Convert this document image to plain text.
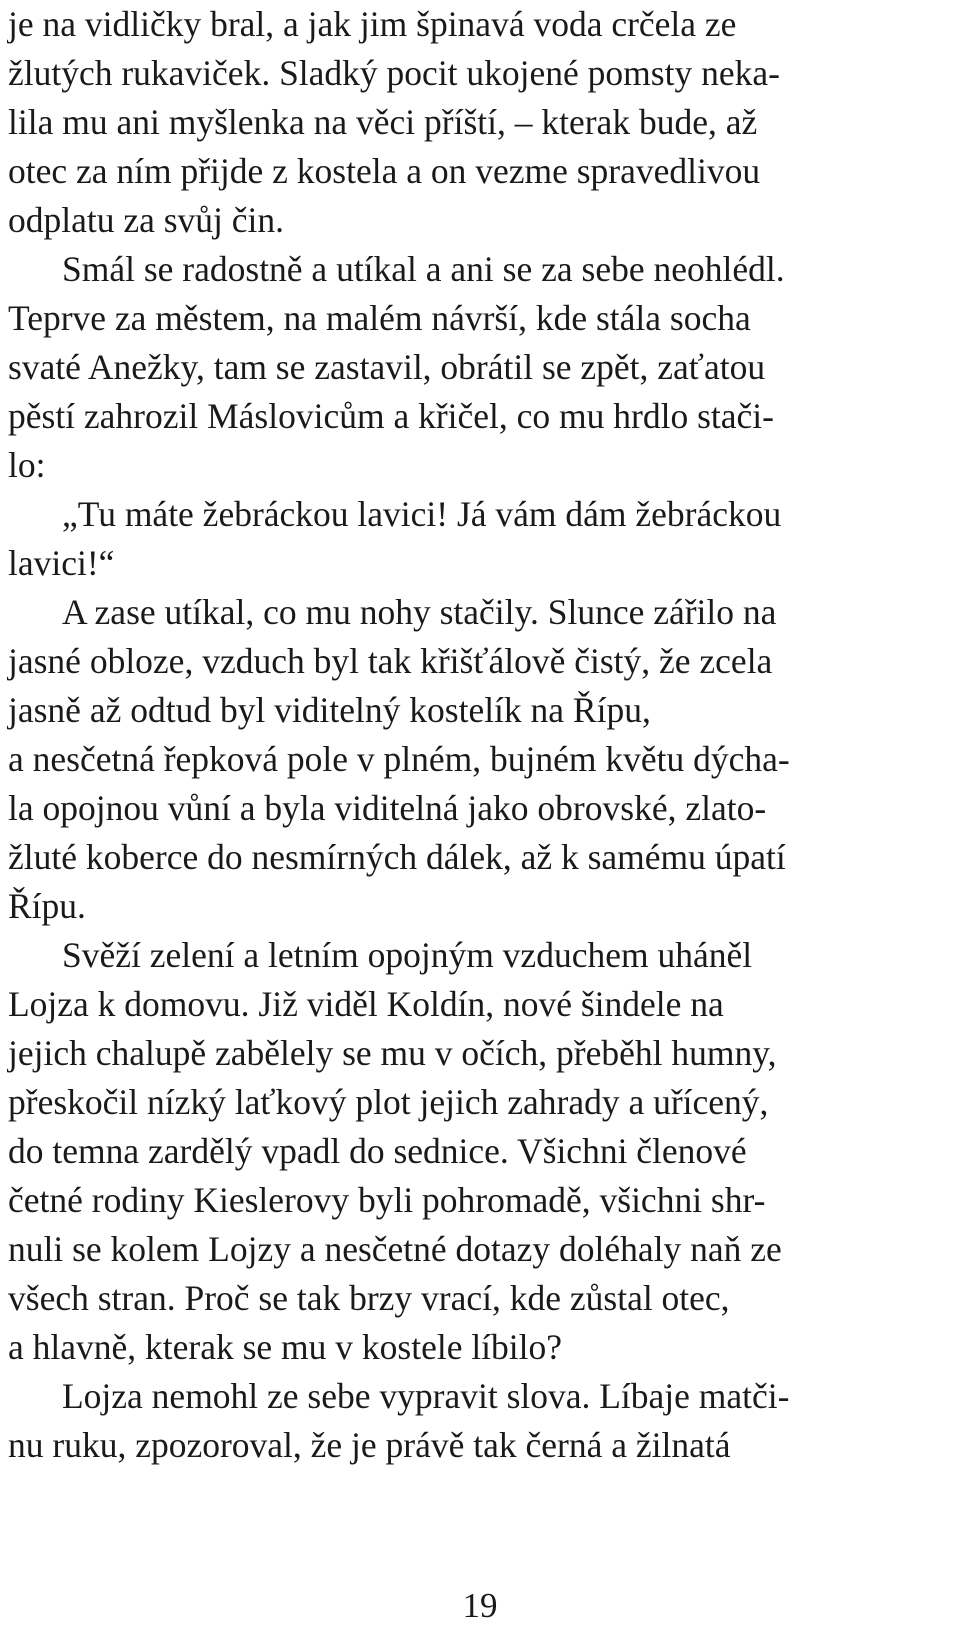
je na vidličky bral, a jak jim špinavá voda crčela ze
žlutých rukaviček. Sladký pocit ukojené pomsty neka-
lila mu ani myšlenka na věci příští, – kterak bude, až
otec za ním přijde z kostela a on vezme spravedlivou
odplatu za svůj čin.
Smál se radostně a utíkal a ani se za sebe neohlédl.
Teprve za městem, na malém návrší, kde stála socha
svaté Anežky, tam se zastavil, obrátil se zpět, zaťatou
pěstí zahrozil Máslovicům a křičel, co mu hrdlo stači-
lo:
„Tu máte žebráckou lavici! Já vám dám žebráckou
lavici!“
A zase utíkal, co mu nohy stačily. Slunce zářilo na
jasné obloze, vzduch byl tak křišťálově čistý, že zcela
jasně až odtud byl viditelný kostelík na Řípu,
a nesčetná řepková pole v plném, bujném květu dýcha-
la opojnou vůní a byla viditelná jako obrovské, zlato-
žluté koberce do nesmírných dálek, až k samému úpatí
Řípu.
Svěží zelení a letním opojným vzduchem uháněl
Lojza k domovu. Již viděl Koldín, nové šindele na
jejich chalupě zabělely se mu v očích, přeběhl humny,
přeskočil nízký laťkový plot jejich zahrady a uřícený,
do temna zardělý vpadl do sednice. Všichni členové
četné rodiny Kieslerovy byli pohromadě, všichni shr-
nuli se kolem Lojzy a nesčetné dotazy doléhaly naň ze
všech stran. Proč se tak brzy vrací, kde zůstal otec,
a hlavně, kterak se mu v kostele líbilo?
Lojza nemohl ze sebe vypravit slova. Líbaje matči-
nu ruku, zpozoroval, že je právě tak černá a žilnatá
19
